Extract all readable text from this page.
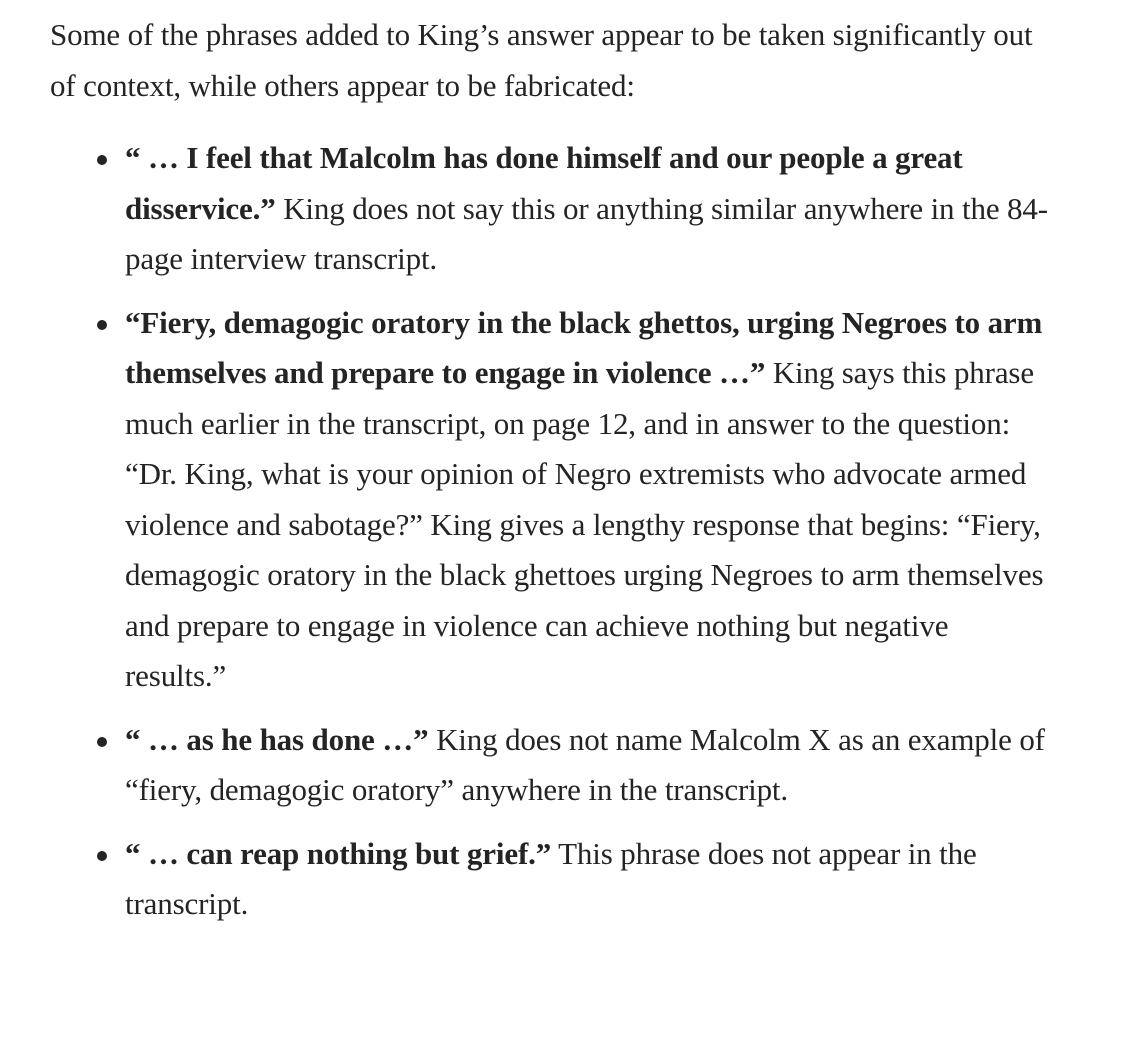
Some of the phrases added to King’s answer appear to be taken significantly out of context, while others appear to be fabricated:

“ … I feel that Malcolm has done himself and our people a great disservice.” King does not say this or anything similar anywhere in the 84-page interview transcript.
“Fiery, demagogic oratory in the black ghettos, urging Negroes to arm themselves and prepare to engage in violence …” King says this phrase much earlier in the transcript, on page 12, and in answer to the question: “Dr. King, what is your opinion of Negro extremists who advocate armed violence and sabotage?” King gives a lengthy response that begins: “Fiery, demagogic oratory in the black ghettoes urging Negroes to arm themselves and prepare to engage in violence can achieve nothing but negative results.”
“ … as he has done …” King does not name Malcolm X as an example of “fiery, demagogic oratory” anywhere in the transcript.
“ … can reap nothing but grief.” This phrase does not appear in the transcript.
